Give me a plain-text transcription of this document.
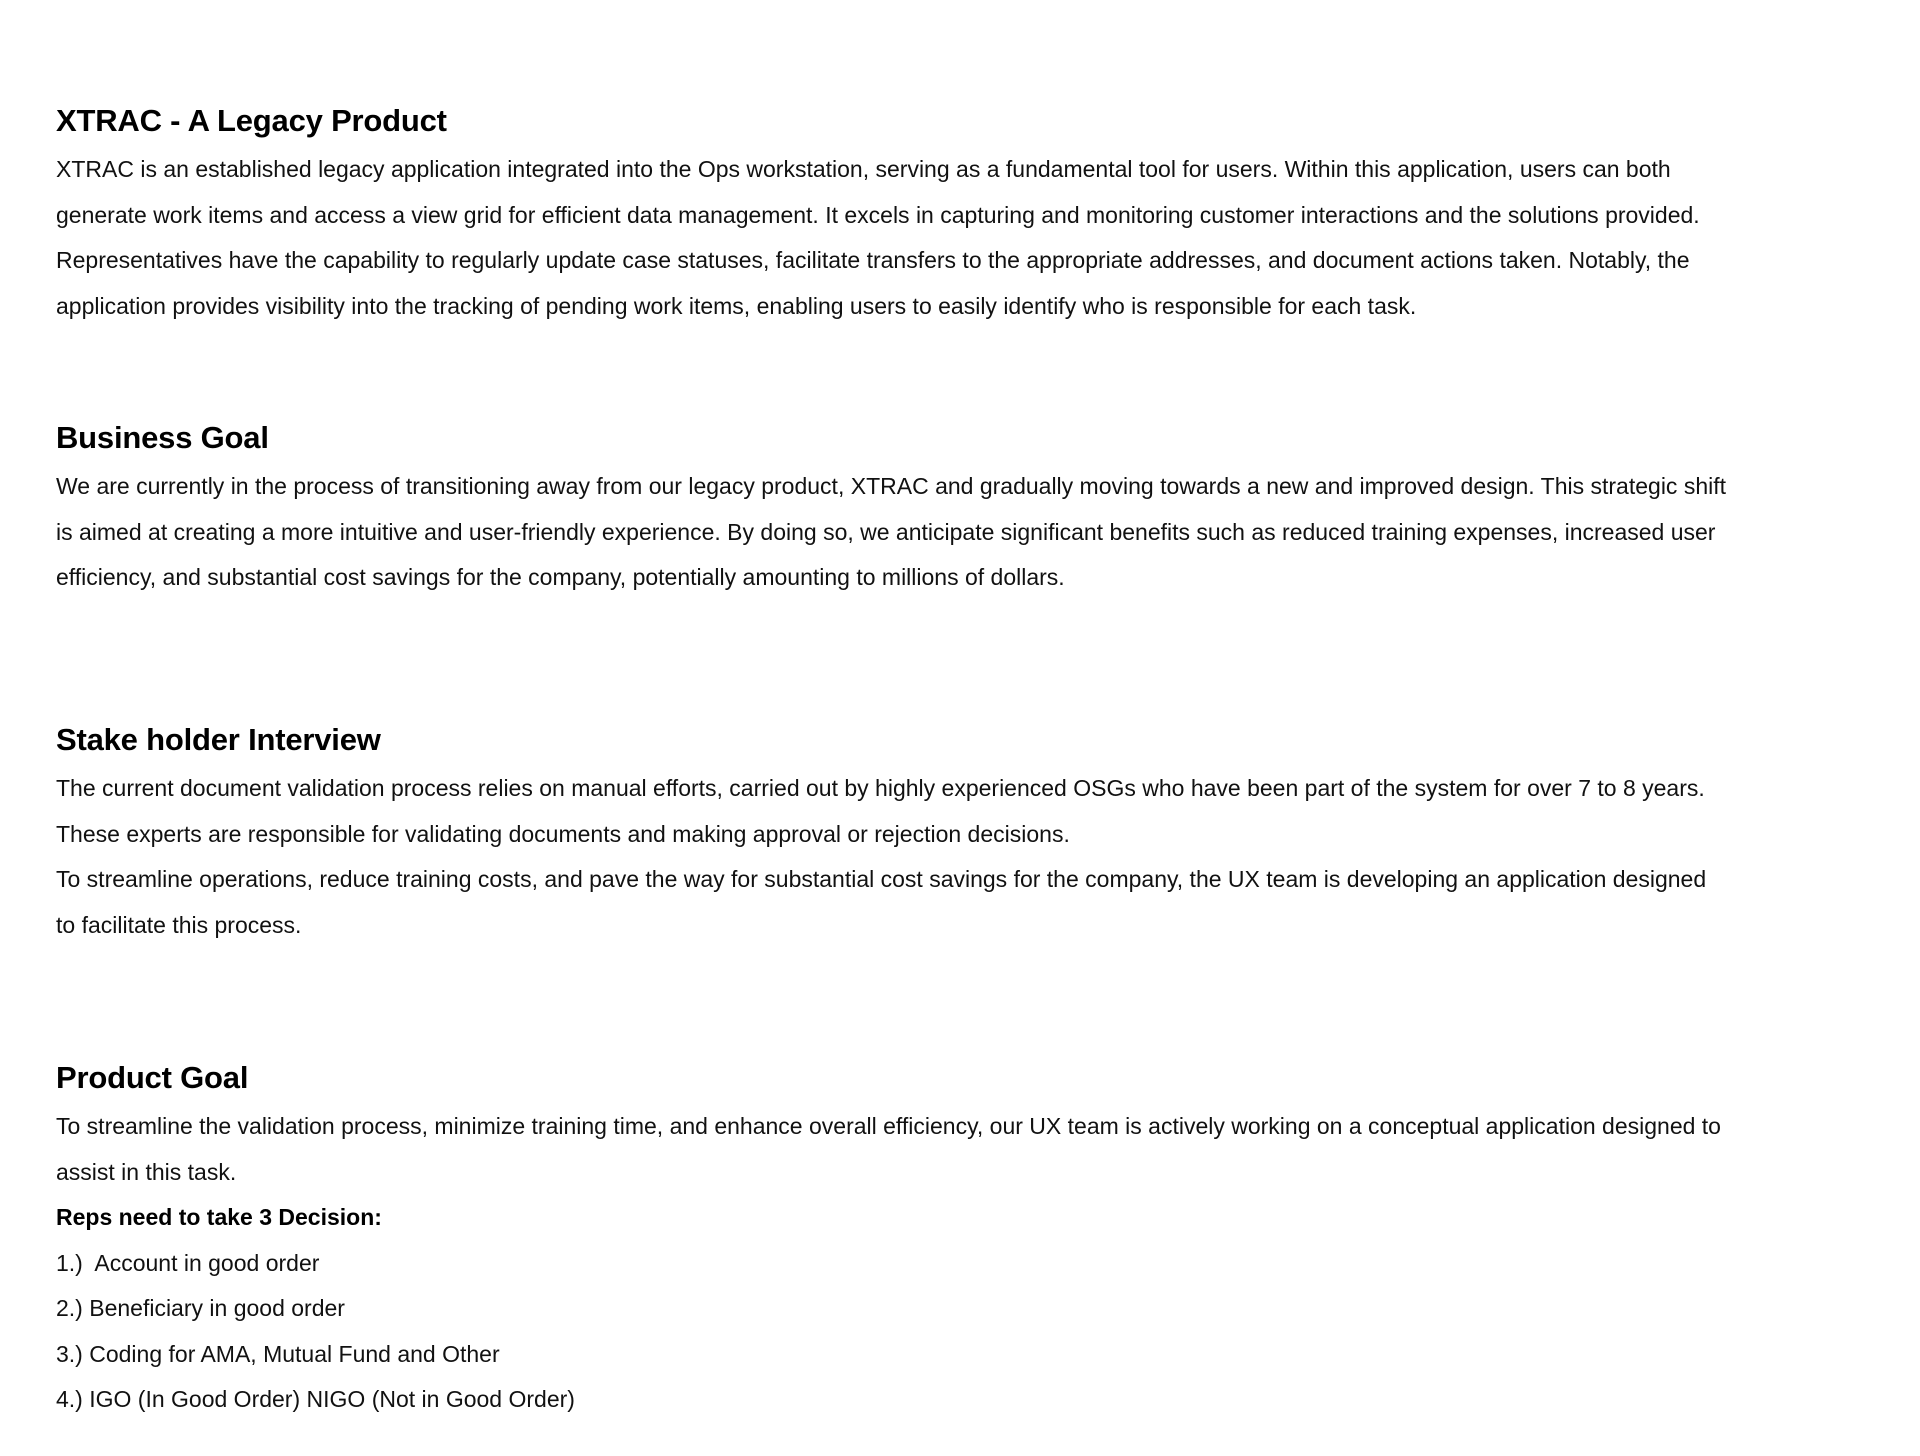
XTRAC - A Legacy Product

XTRAC is an established legacy application integrated into the Ops workstation, serving as a fundamental tool for users. Within this application, users can both

generate work items and access a view grid for efficient data management. It excels in capturing and monitoring customer interactions and the solutions provided.

Representatives have the capability to regularly update case statuses, facilitate transfers to the appropriate addresses, and document actions taken. Notably, the

application provides visibility into the tracking of pending work items, enabling users to easily identify who is responsible for each task.

Business Goal

We are currently in the process of transitioning away from our legacy product, XTRAC and gradually moving towards a new and improved design. This strategic shift

is aimed at creating a more intuitive and user-friendly experience. By doing so, we anticipate significant benefits such as reduced training expenses, increased user

efficiency, and substantial cost savings for the company, potentially amounting to millions of dollars.

Stake holder Interview

The current document validation process relies on manual efforts, carried out by highly experienced OSGs who have been part of the system for over 7 to 8 years.

These experts are responsible for validating documents and making approval or rejection decisions.

To streamline operations, reduce training costs, and pave the way for substantial cost savings for the company, the UX team is developing an application designed

to facilitate this process.

Product Goal

To streamline the validation process, minimize training time, and enhance overall efficiency, our UX team is actively working on a conceptual application designed to

assist in this task.

Reps need to take 3 Decision:

1.)  Account in good order

2.) Beneficiary in good order

3.) Coding for AMA, Mutual Fund and Other

4.) IGO (In Good Order) NIGO (Not in Good Order)
